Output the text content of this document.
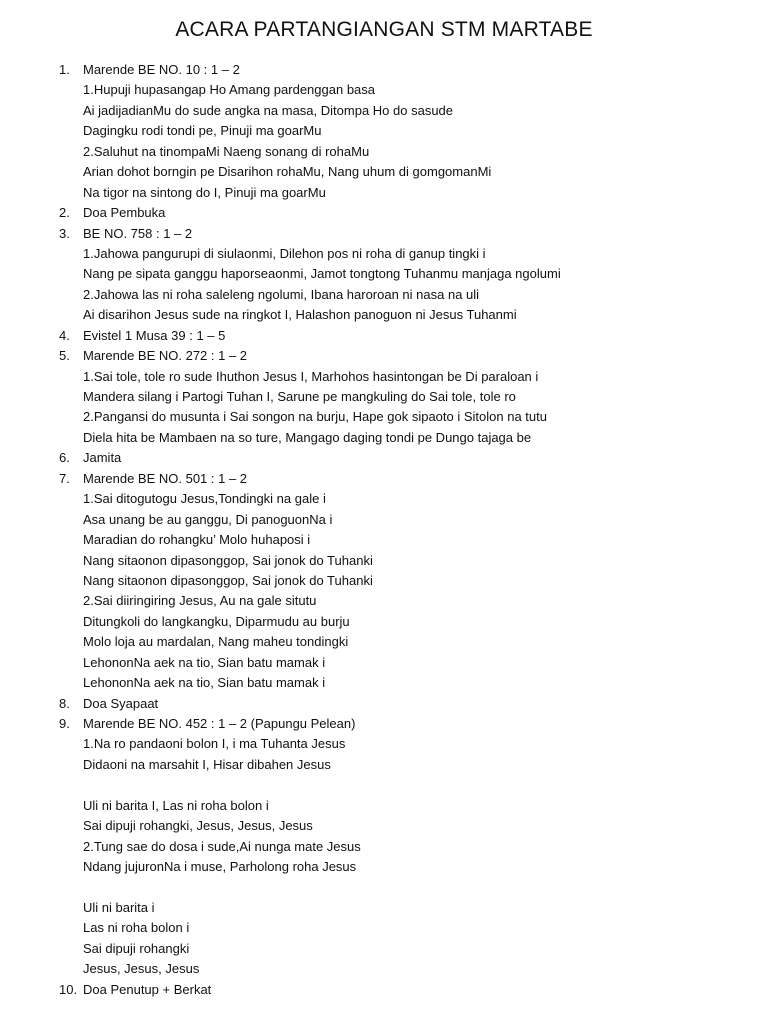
ACARA PARTANGIANGAN STM MARTABE
1. Marende BE NO. 10 : 1 – 2
1.Hupuji hupasangap Ho Amang pardenggan basa
Ai jadijadianMu do sude angka na masa, Ditompa Ho do sasude
Dagingku rodi tondi pe, Pinuji ma goarMu
2.Saluhut na tinompaMi Naeng sonang di rohaMu
Arian dohot borngin pe Disarihon rohaMu, Nang uhum di gomgomanMi
Na tigor na sintong do I, Pinuji ma goarMu
2. Doa Pembuka
3. BE NO. 758 : 1 – 2
1.Jahowa pangurupi di siulaonmi, Dilehon pos ni roha di ganup tingki i
Nang pe sipata ganggu haporseaonmi, Jamot tongtong Tuhanmu manjaga ngolumi
2.Jahowa las ni roha saleleng ngolumi, Ibana haroroan ni nasa na uli
Ai disarihon Jesus sude na ringkot I, Halashon panoguon ni Jesus Tuhanmi
4. Evistel 1 Musa 39 : 1 – 5
5. Marende BE NO. 272 : 1 – 2
1.Sai tole, tole ro sude Ihuthon Jesus I, Marhohos hasintongan be Di paraloan i
Mandera silang i Partogi Tuhan I, Sarune pe mangkuling do Sai tole, tole ro
2.Pangansi do musunta i Sai songon na burju, Hape gok sipaoto i Sitolon na tutu
Diela hita be Mambaen na so ture, Mangago daging tondi pe Dungo tajaga be
6. Jamita
7. Marende BE NO. 501 : 1 – 2
1.Sai ditogutogu Jesus,Tondingki na gale i
Asa unang be au ganggu, Di panoguonNa i
Maradian do rohangku’ Molo huhaposi i
Nang sitaonon dipasonggop, Sai jonok do Tuhanki
Nang sitaonon dipasonggop, Sai jonok do Tuhanki
2.Sai diiringiring Jesus, Au na gale situtu
Ditungkoli do langkangku, Diparmudu au burju
Molo loja au mardalan, Nang maheu tondingki
LehononNa aek na tio, Sian batu mamak i
LehononNa aek na tio, Sian batu mamak i
8. Doa Syapaat
9. Marende BE NO. 452 : 1 – 2 (Papungu Pelean)
1.Na ro pandaoni bolon I, i ma Tuhanta Jesus
Didaoni na marsahit I, Hisar dibahen Jesus
Uli ni barita I, Las ni roha bolon i
Sai dipuji rohangki, Jesus, Jesus, Jesus
2.Tung sae do dosa i sude,Ai nunga mate Jesus
Ndang jujuronNa i muse, Parholong roha Jesus
Uli ni barita i
Las ni roha bolon i
Sai dipuji rohangki
Jesus, Jesus, Jesus
10. Doa Penutup + Berkat
